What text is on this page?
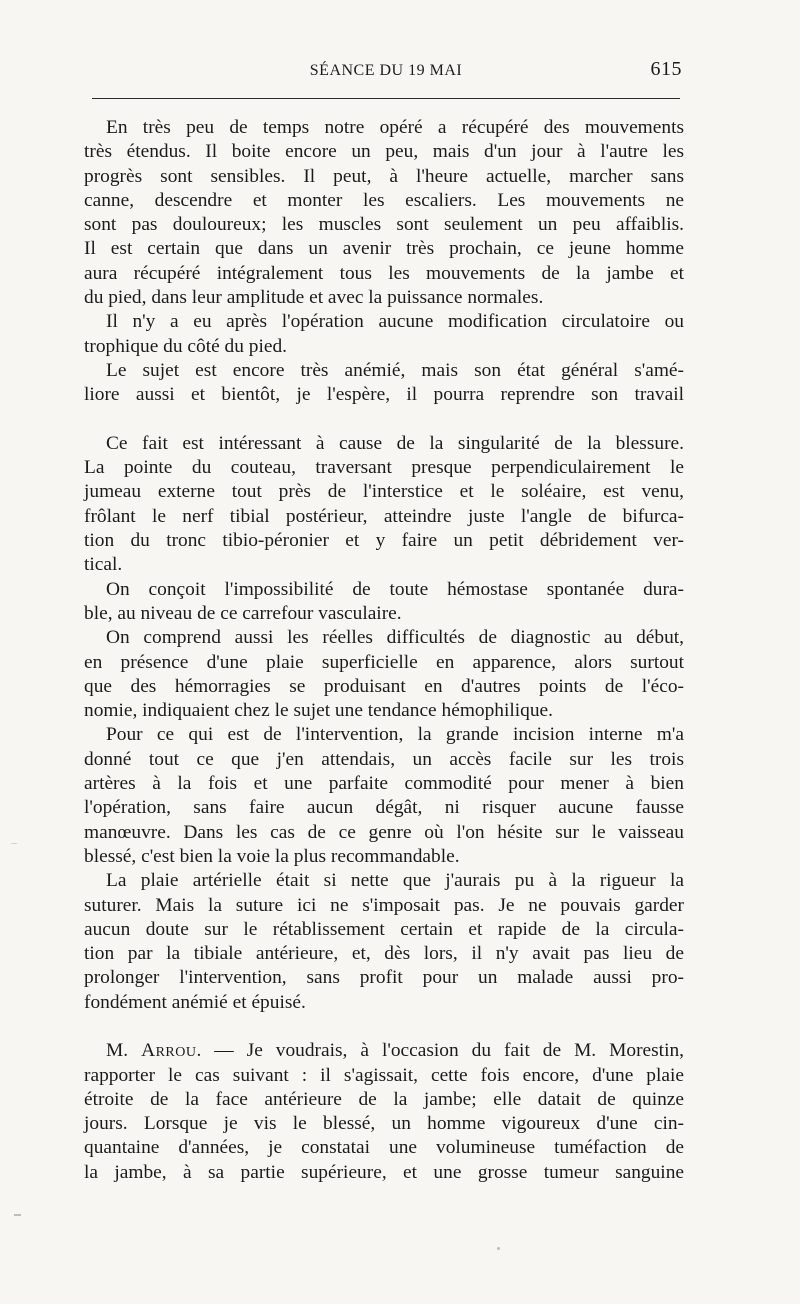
SÉANCE DU 19 MAI	615
En très peu de temps notre opéré a récupéré des mouvements
très étendus. Il boite encore un peu, mais d'un jour à l'autre les
progrès sont sensibles. Il peut, à l'heure actuelle, marcher sans
canne, descendre et monter les escaliers. Les mouvements ne
sont pas douloureux; les muscles sont seulement un peu affaiblis.
Il est certain que dans un avenir très prochain, ce jeune homme
aura récupéré intégralement tous les mouvements de la jambe et
du pied, dans leur amplitude et avec la puissance normales.
Il n'y a eu après l'opération aucune modification circulatoire ou
trophique du côté du pied.
Le sujet est encore très anémié, mais son état général s'amé-
liore aussi et bientôt, je l'espère, il pourra reprendre son travail
Ce fait est intéressant à cause de la singularité de la blessure.
La pointe du couteau, traversant presque perpendiculairement le
jumeau externe tout près de l'interstice et le soléaire, est venu,
frôlant le nerf tibial postérieur, atteindre juste l'angle de bifurca-
tion du tronc tibio-péronier et y faire un petit débridement ver-
tical.
On conçoit l'impossibilité de toute hémostase spontanée dura-
ble, au niveau de ce carrefour vasculaire.
On comprend aussi les réelles difficultés de diagnostic au début,
en présence d'une plaie superficielle en apparence, alors surtout
que des hémorragies se produisant en d'autres points de l'éco-
nomie, indiquaient chez le sujet une tendance hémophilique.
Pour ce qui est de l'intervention, la grande incision interne m'a
donné tout ce que j'en attendais, un accès facile sur les trois
artères à la fois et une parfaite commodité pour mener à bien
l'opération, sans faire aucun dégât, ni risquer aucune fausse
manœuvre. Dans les cas de ce genre où l'on hésite sur le vaisseau
blessé, c'est bien la voie la plus recommandable.
La plaie artérielle était si nette que j'aurais pu à la rigueur la
suturer. Mais la suture ici ne s'imposait pas. Je ne pouvais garder
aucun doute sur le rétablissement certain et rapide de la circula-
tion par la tibiale antérieure, et, dès lors, il n'y avait pas lieu de
prolonger l'intervention, sans profit pour un malade aussi pro-
fondément anémié et épuisé.
M. Arrou. — Je voudrais, à l'occasion du fait de M. Morestin,
rapporter le cas suivant : il s'agissait, cette fois encore, d'une plaie
étroite de la face antérieure de la jambe; elle datait de quinze
jours. Lorsque je vis le blessé, un homme vigoureux d'une cin-
quantaine d'années, je constatai une volumineuse tuméfaction de
la jambe, à sa partie supérieure, et une grosse tumeur sanguine
